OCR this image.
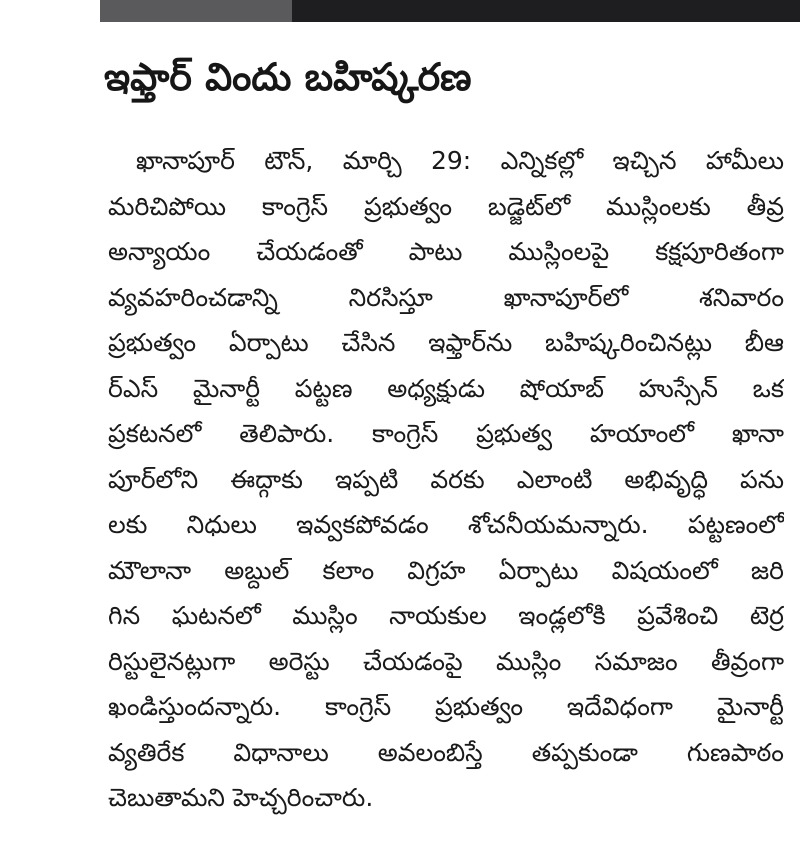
ఇఫ్తార్ విందు బహిష్కరణ
ఖానాపూర్ టౌన్, మార్చి 29: ఎన్నికల్లో ఇచ్చిన హామీలు
మరిచిపోయి కాంగ్రెస్ ప్రభుత్వం బడ్జెట్‌లో ముస్లింలకు తీవ్ర
అన్యాయం చేయడంతో పాటు ముస్లింలపై కక్షపూరితంగా
వ్యవహరించడాన్ని నిరసిస్తూ ఖానాపూర్‌లో శనివారం
ప్రభుత్వం ఏర్పాటు చేసిన ఇఫ్తార్‌ను బహిష్కరించినట్లు బీఆ
ర్ఎస్ మైనార్టీ పట్టణ అధ్యక్షుడు షోయాబ్ హుస్సేన్ ఒక
ప్రకటనలో తెలిపారు. కాంగ్రెస్ ప్రభుత్వ హయాంలో ఖానా
పూర్‌లోని ఈద్గాకు ఇప్పటి వరకు ఎలాంటి అభివృద్ధి పను
లకు నిధులు ఇవ్వకపోవడం శోచనీయమన్నారు. పట్టణంలో
మౌలానా అబ్దుల్ కలాం విగ్రహ ఏర్పాటు విషయంలో జరి
గిన ఘటనలో ముస్లిం నాయకుల ఇండ్లలోకి ప్రవేశించి టెర్ర
రిస్టులైనట్లుగా అరెస్టు చేయడంపై ముస్లిం సమాజం తీవ్రంగా
ఖండిస్తుందన్నారు. కాంగ్రెస్ ప్రభుత్వం ఇదేవిధంగా మైనార్టీ
వ్యతిరేక విధానాలు అవలంబిస్తే తప్పకుండా గుణపాఠం
చెబుతామని హెచ్చరించారు.
